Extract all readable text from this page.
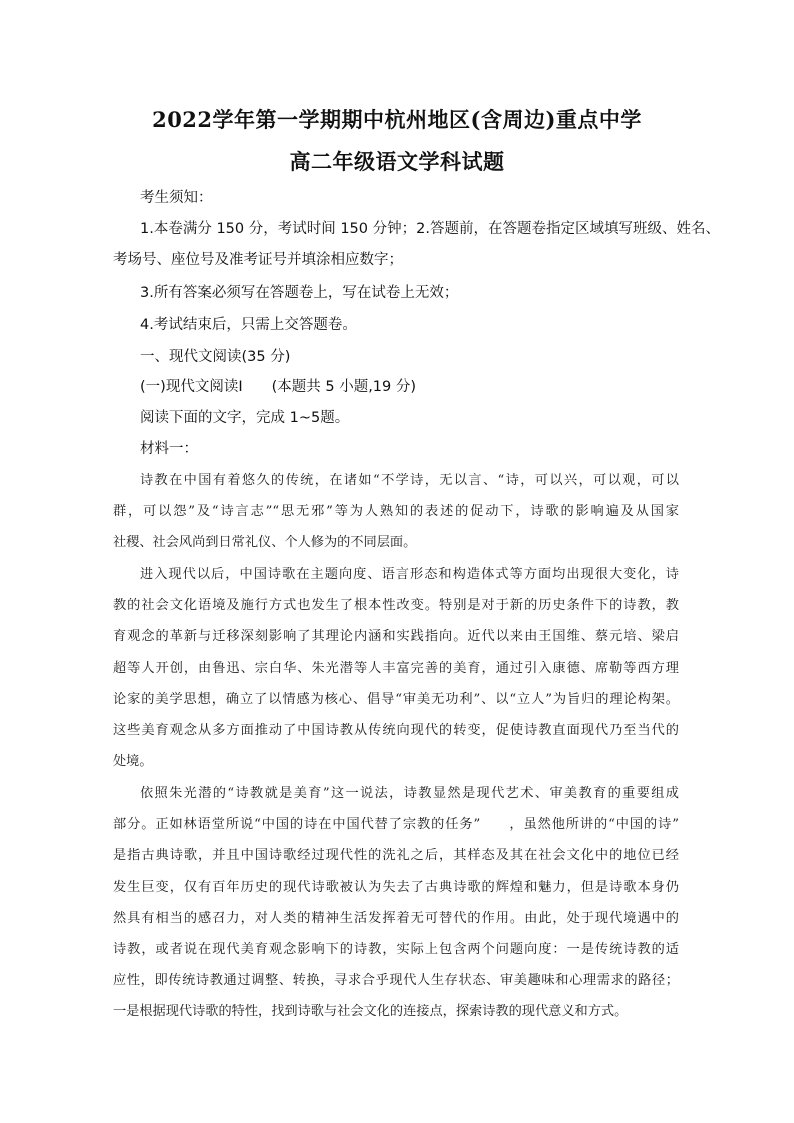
2022学年第一学期期中杭州地区(含周边)重点中学
高二年级语文学科试题
考生须知：
1.本卷满分 150 分，考试时间 150 分钟；2.答题前，在答题卷指定区域填写班级、姓名、
考场号、座位号及准考证号并填涂相应数字；
3.所有答案必须写在答题卷上，写在试卷上无效；
4.考试结束后，只需上交答题卷。
一、现代文阅读(35 分)
(一)现代文阅读Ⅰ　　(本题共 5 小题,19 分)
阅读下面的文字，完成 1~5题。
材料一：
诗教在中国有着悠久的传统，在诸如“不学诗，无以言、“诗，可以兴，可以观，可以
群，可以怨”及“诗言志”“思无邪”等为人熟知的表述的促动下，诗歌的影响遍及从国家
社稷、社会风尚到日常礼仪、个人修为的不同层面。
进入现代以后，中国诗歌在主题向度、语言形态和构造体式等方面均出现很大变化，诗
教的社会文化语境及施行方式也发生了根本性改变。特别是对于新的历史条件下的诗教，教
育观念的革新与迁移深刻影响了其理论内涵和实践指向。近代以来由王国维、蔡元培、梁启
超等人开创，由鲁迅、宗白华、朱光潜等人丰富完善的美育，通过引入康德、席勒等西方理
论家的美学思想，确立了以情感为核心、倡导“审美无功利”、以“立人”为旨归的理论构架。
这些美育观念从多方面推动了中国诗教从传统向现代的转变，促使诗教直面现代乃至当代的
处境。
依照朱光潜的“诗教就是美育”这一说法，诗教显然是现代艺术、审美教育的重要组成
部分。正如林语堂所说“中国的诗在中国代替了宗教的任务”　　，虽然他所讲的“中国的诗”
是指古典诗歌，并且中国诗歌经过现代性的洗礼之后，其样态及其在社会文化中的地位已经
发生巨变，仅有百年历史的现代诗歌被认为失去了古典诗歌的辉煌和魅力，但是诗歌本身仍
然具有相当的感召力，对人类的精神生活发挥着无可替代的作用。由此，处于现代境遇中的
诗教，或者说在现代美育观念影响下的诗教，实际上包含两个问题向度：一是传统诗教的适
应性，即传统诗教通过调整、转换，寻求合乎现代人生存状态、审美趣味和心理需求的路径；
一是根据现代诗歌的特性，找到诗歌与社会文化的连接点，探索诗教的现代意义和方式。
